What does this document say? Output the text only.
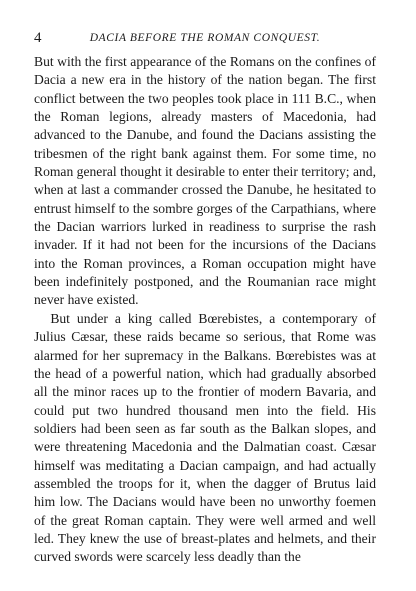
4	DACIA BEFORE THE ROMAN CONQUEST.

But with the first appearance of the Romans on the confines of Dacia a new era in the history of the nation began. The first conflict between the two peoples took place in 111 B.C., when the Roman legions, already masters of Macedonia, had advanced to the Danube, and found the Dacians assisting the tribesmen of the right bank against them. For some time, no Roman general thought it desirable to enter their territory; and, when at last a commander crossed the Danube, he hesitated to entrust himself to the sombre gorges of the Carpathians, where the Dacian warriors lurked in readiness to surprise the rash invader. If it had not been for the incursions of the Dacians into the Roman provinces, a Roman occupation might have been indefinitely postponed, and the Roumanian race might never have existed.

But under a king called Bœrebistes, a contemporary of Julius Cæsar, these raids became so serious, that Rome was alarmed for her supremacy in the Balkans. Bœrebistes was at the head of a powerful nation, which had gradually absorbed all the minor races up to the frontier of modern Bavaria, and could put two hundred thousand men into the field. His soldiers had been seen as far south as the Balkan slopes, and were threatening Macedonia and the Dalmatian coast. Cæsar himself was meditating a Dacian campaign, and had actually assembled the troops for it, when the dagger of Brutus laid him low. The Dacians would have been no unworthy foemen of the great Roman captain. They were well armed and well led. They knew the use of breast-plates and helmets, and their curved swords were scarcely less deadly than the
